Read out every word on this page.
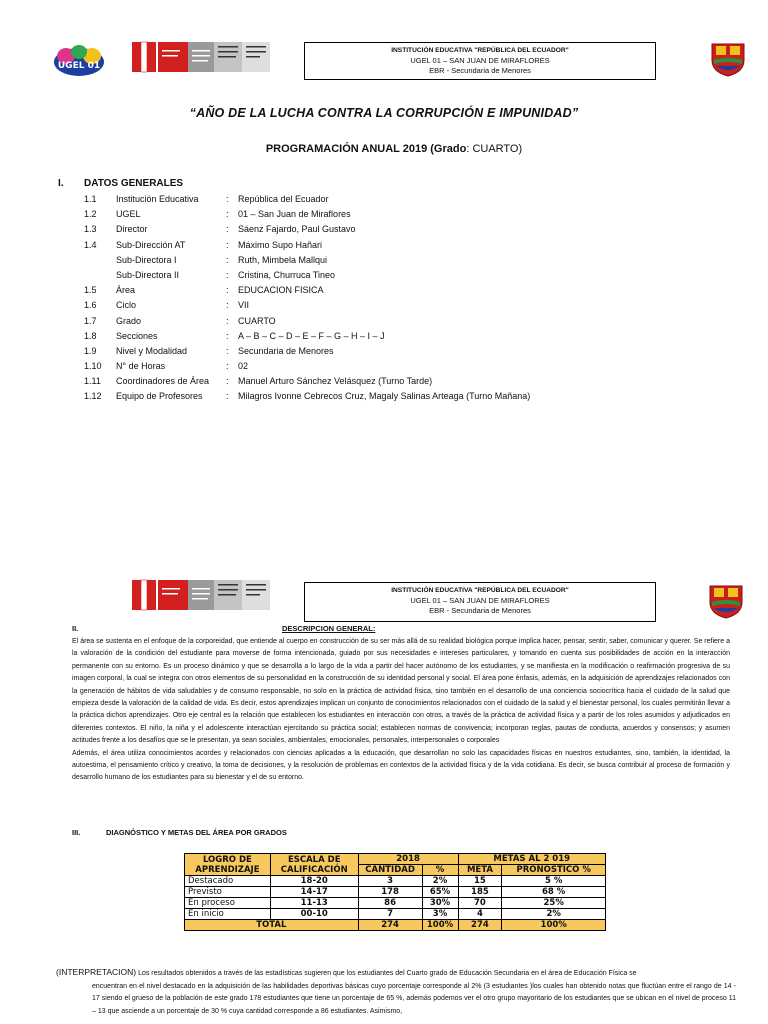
UGEL 01
INSTITUCIÓN EDUCATIVA "REPÚBLICA DEL ECUADOR"
UGEL 01 – SAN JUAN DE MIRAFLORES
EBR - Secundaria de Menores
“AÑO DE LA LUCHA CONTRA LA CORRUPCIÓN E IMPUNIDAD”
PROGRAMACIÓN ANUAL 2019 (Grado: CUARTO)
I. DATOS GENERALES
1.1	Institución Educativa	:	República del Ecuador
1.2	UGEL	:	01 – San Juan de Miraflores
1.3	Director	:	Sáenz Fajardo, Paul Gustavo
1.4	Sub-Dirección AT	:	Máximo Supo Hañari
Sub-Directora I	:	Ruth, Mimbela Mallqui
Sub-Directora II	:	Cristina, Churruca Tineo
1.5	Área	:	EDUCACION FISICA
1.6	Ciclo	:	VII
1.7	Grado	:	CUARTO
1.8	Secciones	:	A – B – C – D – E – F – G – H – I – J
1.9	Nivel y Modalidad	:	Secundaria de Menores
1.10	N° de Horas	:	02
1.11	Coordinadores de Área	:	Manuel Arturo Sánchez Velásquez (Turno Tarde)
1.12	Equipo de Profesores	:	Milagros Ivonne Cebrecos Cruz, Magaly Salinas Arteaga (Turno Mañana)
INSTITUCIÓN EDUCATIVA "REPÚBLICA DEL ECUADOR"
UGEL 01 – SAN JUAN DE MIRAFLORES
EBR - Secundaria de Menores
II.	DESCRIPCION GENERAL:
El área se sustenta en el enfoque de la corporeidad, que entiende al cuerpo en construcción de su ser más allá de su realidad biológica porque implica hacer, pensar, sentir, saber, comunicar y querer. Se refiere a la valoración de la condición del estudiante para moverse de forma intencionada, guiado por sus necesidades e intereses particulares, y tomando en cuenta sus posibilidades de acción en la interacción permanente con su entorno. Es un proceso dinámico y que se desarrolla a lo largo de la vida a partir del hacer autónomo de los estudiantes, y se manifiesta en la modificación o reafirmación progresiva de su imagen corporal, la cual se integra con otros elementos de su personalidad en la construcción de su identidad personal y social. El área pone énfasis, además, en la adquisición de aprendizajes relacionados con la generación de hábitos de vida saludables y de consumo responsable, no solo en la práctica de actividad física, sino también en el desarrollo de una conciencia sociocrítica hacia el cuidado de la salud que empieza desde la valoración de la calidad de vida. Es decir, estos aprendizajes implican un conjunto de conocimientos relacionados con el cuidado de la salud y el bienestar personal, los cuales permitirán llevar a la práctica dichos aprendizajes. Otro eje central es la relación que establecen los estudiantes en interacción con otros, a través de la práctica de actividad física y a partir de los roles asumidos y adjudicados en diferentes contextos. El niño, la niña y el adolescente interactúan ejercitando su práctica social; establecen normas de convivencia; incorporan reglas, pautas de conducta, acuerdos y consensos; y asumen actitudes frente a los desafíos que se le presentan, ya sean sociales, ambientales, emocionales, personales, interpersonales o corporales
Además, el área utiliza conocimientos acordes y relacionados con ciencias aplicadas a la educación, que desarrollan no solo las capacidades físicas en nuestros estudiantes, sino, también, la identidad, la autoestima, el pensamiento crítico y creativo, la toma de decisiones, y la resolución de problemas en contextos de la actividad física y de la vida cotidiana. Es decir, se busca contribuir al proceso de formación y desarrollo humano de los estudiantes para su bienestar y el de su entorno.
III.	DIAGNÓSTICO Y METAS DEL ÁREA POR GRADOS
LOGRO DE APRENDIZAJE	ESCALA DE CALIFICACIÓN	2018		METAS AL 2 019	
		CANTIDAD	%	META	PRONOSTICO %
Destacado	18-20	3	2%	15	5 %
Previsto	14-17	178	65%	185	68 %
En proceso	11-13	86	30%	70	25%
En inicio	00-10	7	3%	4	2%
TOTAL		274	100%	274	100%
(INTERPRETACION) Los resultados obtenidos a través de las estadísticas sugieren que los estudiantes del Cuarto grado de Educación Secundaria en el área de Educación Física se
encuentran en el nivel destacado en la adquisición de las habilidades deportivas básicas cuyo porcentaje corresponde al 2% (3 estudiantes )los cuales han obtenido notas que fluctúan entre el rango de 14 - 17 siendo el grueso de la población de este grado 178 estudiantes que tiene un porcentaje de 65 %, además podemos ver el otro grupo mayoritario de los estudiantes que se ubican en el nivel de proceso 11 – 13 que asciende a un porcentaje de 30 % cuya cantidad corresponde a 86 estudiantes. Asimismo,
